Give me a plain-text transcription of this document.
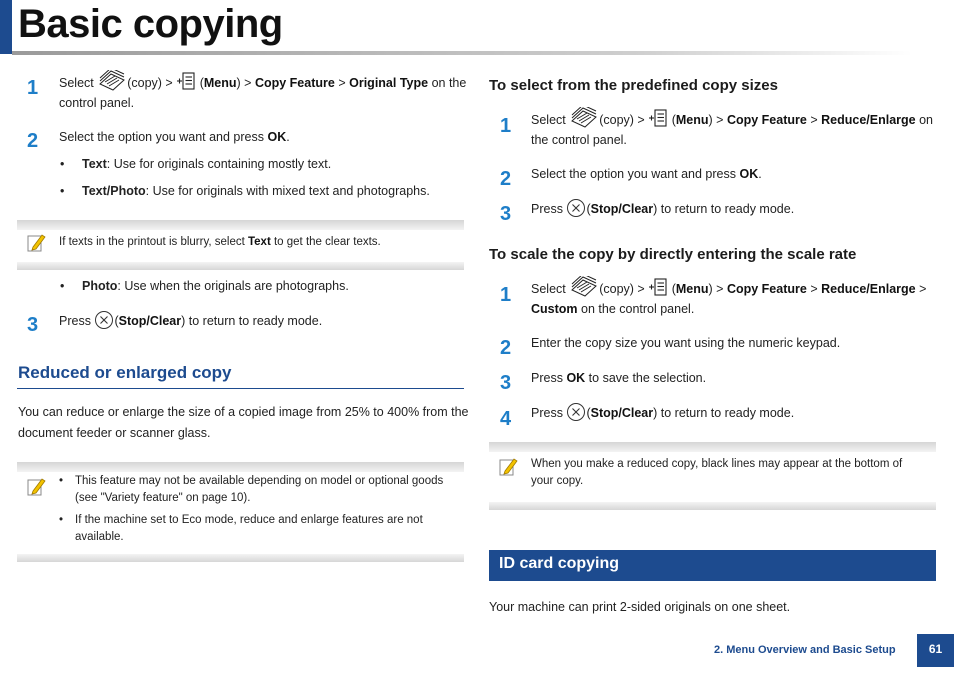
Basic copying
1 Select	(copy) > (Menu) > Copy Feature > Original Type on the
control panel.
2 Select the option you want and press OK.
• Text: Use for originals containing mostly text.
• Text/Photo: Use for originals with mixed text and photographs.
If texts in the printout is blurry, select Text to get the clear texts.
• Photo: Use when the originals are photographs.
3 Press (Stop/Clear) to return to ready mode.
Reduced or enlarged copy
You can reduce or enlarge the size of a copied image from 25% to 400% from the
document feeder or scanner glass.
• This feature may not be available depending on model or optional goods
(see "Variety feature" on page 10).
• If the machine set to Eco mode, reduce and enlarge features are not
available.
To select from the predefined copy sizes
1 Select	(copy) > (Menu) > Copy Feature > Reduce/Enlarge on
the control panel.
2 Select the option you want and press OK.
3 Press (Stop/Clear) to return to ready mode.
To scale the copy by directly entering the scale rate
1 Select	(copy) > (Menu) > Copy Feature > Reduce/Enlarge >
Custom on the control panel.
2 Enter the copy size you want using the numeric keypad.
3 Press OK to save the selection.
4 Press (Stop/Clear) to return to ready mode.
When you make a reduced copy, black lines may appear at the bottom of
your copy.
ID card copying
Your machine can print 2-sided originals on one sheet.
2. Menu Overview and Basic Setup	61
